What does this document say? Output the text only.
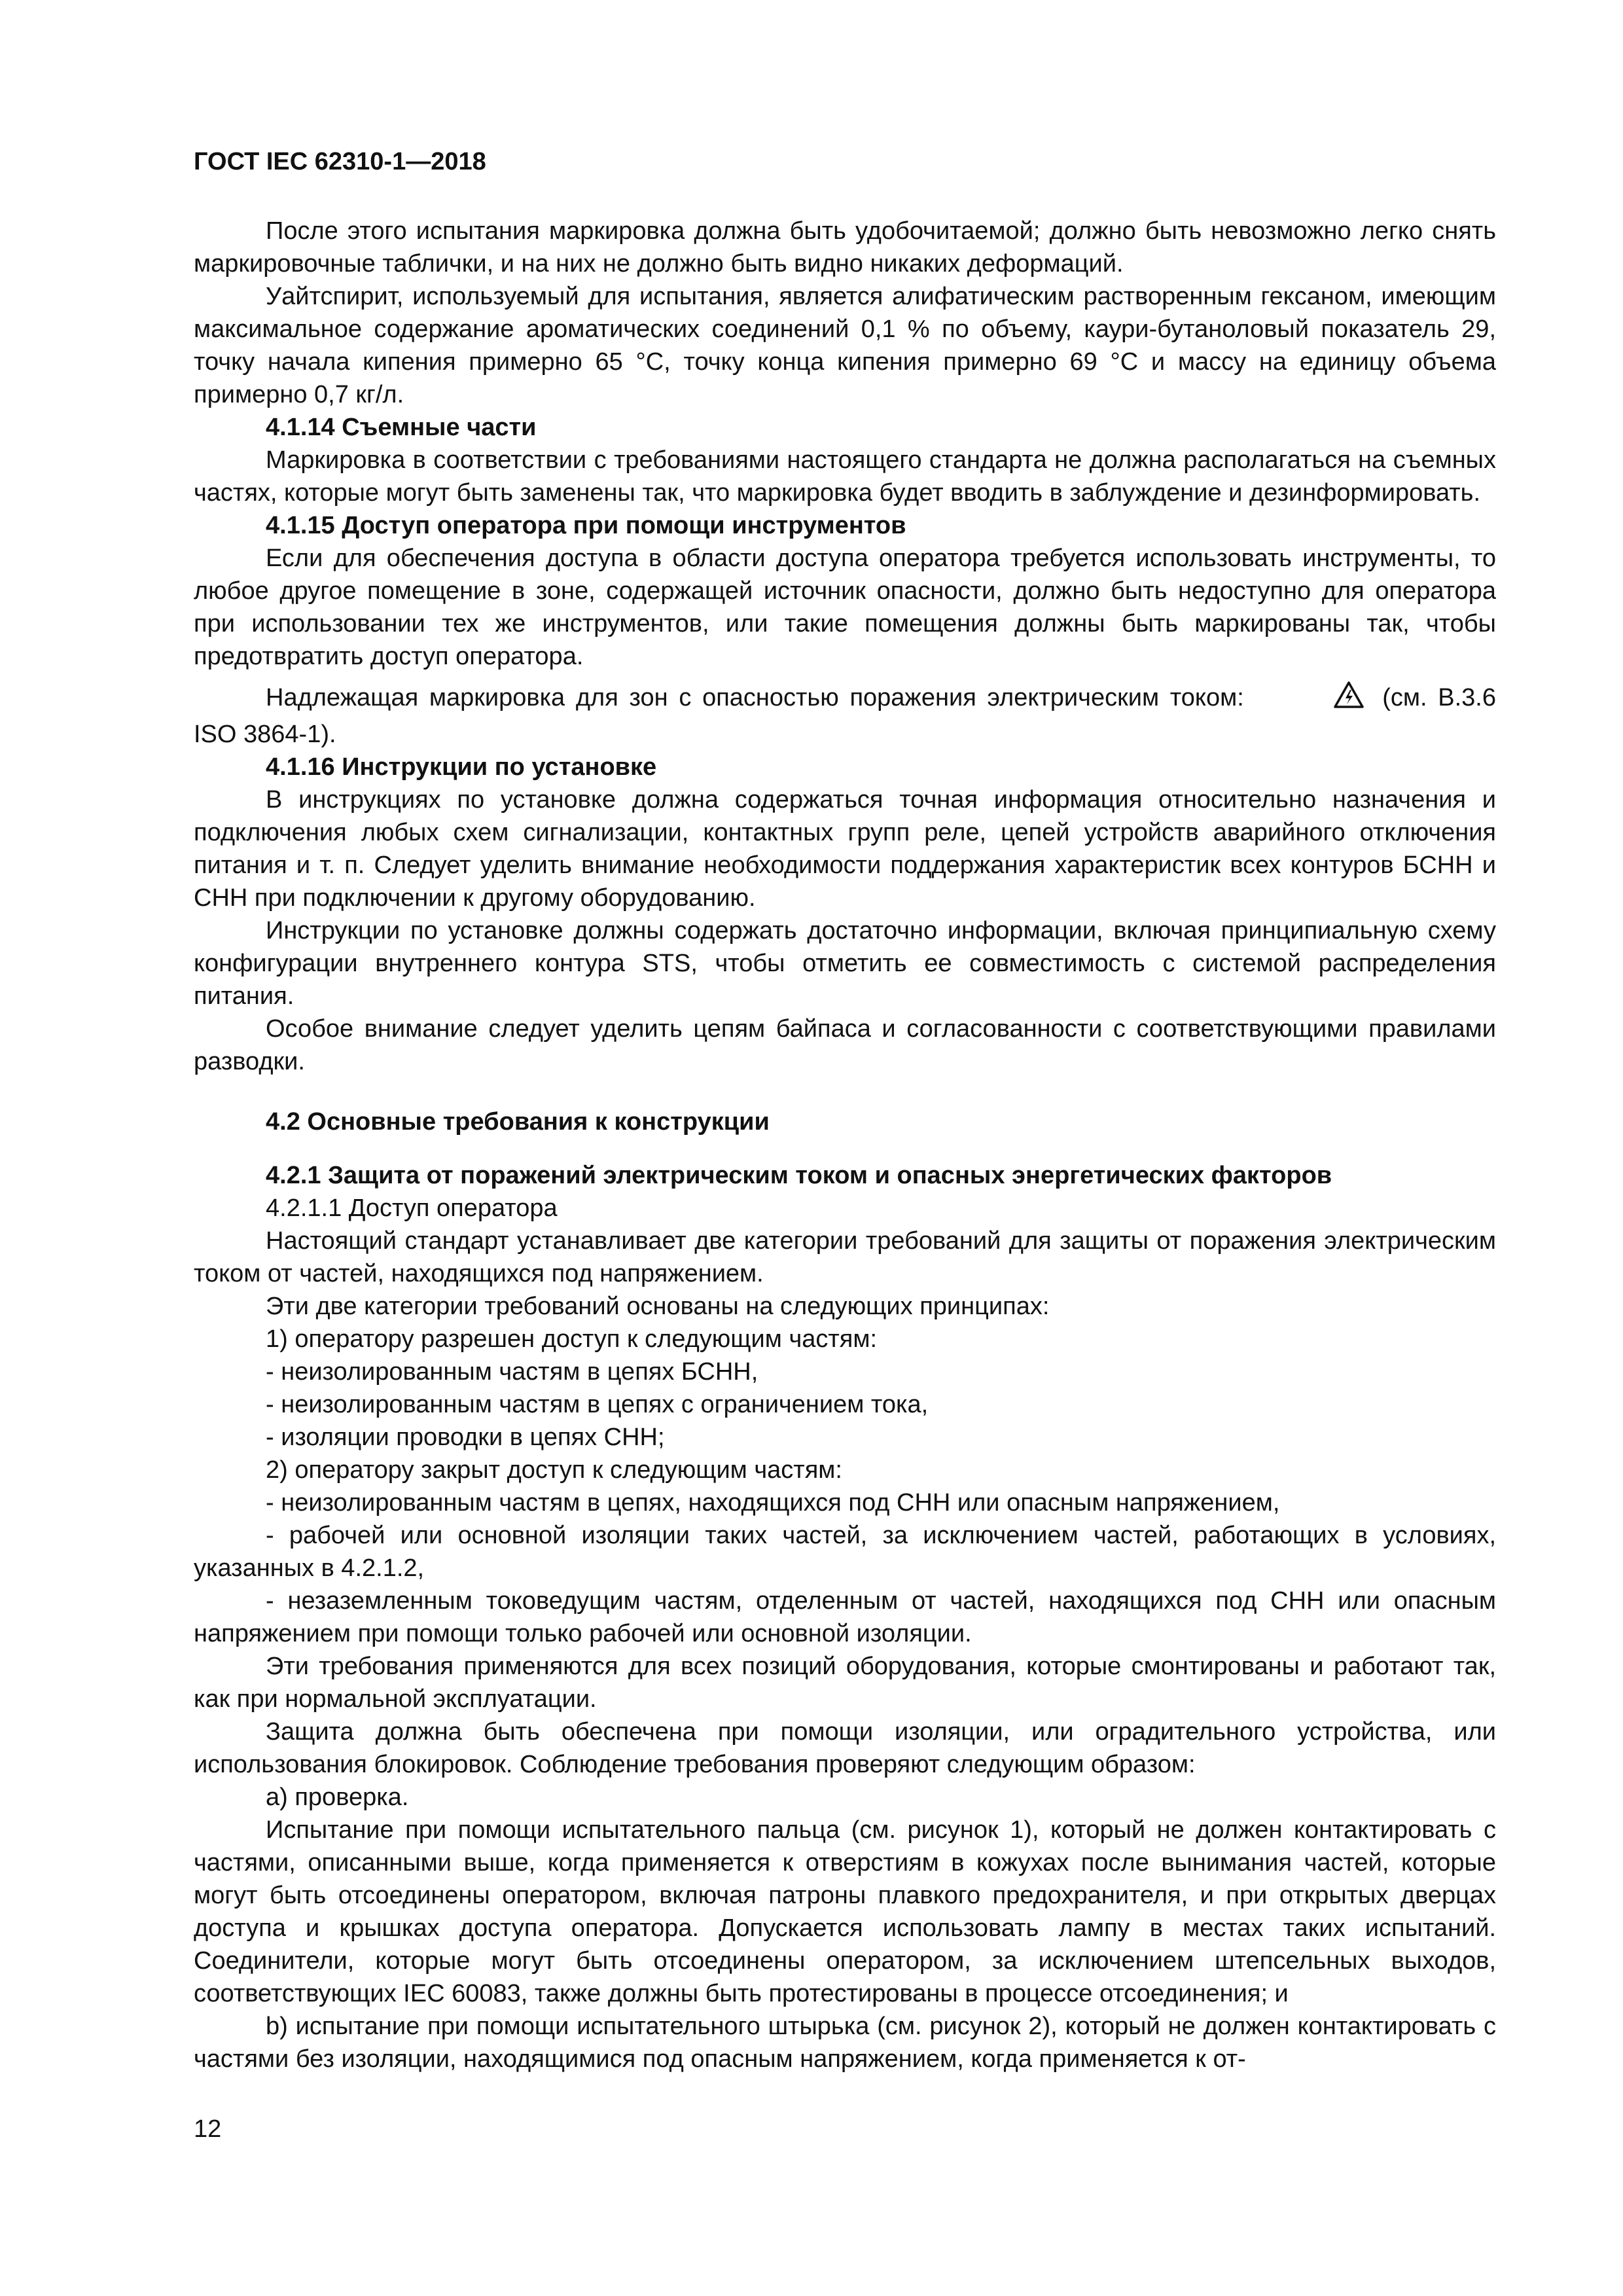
ГОСТ IEC 62310-1—2018

После этого испытания маркировка должна быть удобочитаемой; должно быть невозможно легко снять маркировочные таблички, и на них не должно быть видно никаких деформаций.

Уайтспирит, используемый для испытания, является алифатическим растворенным гексаном, имеющим максимальное содержание ароматических соединений 0,1 % по объему, каури-бутаноловый показатель 29, точку начала кипения примерно 65 °С, точку конца кипения примерно 69 °С и массу на единицу объема примерно 0,7 кг/л.

4.1.14 Съемные части

Маркировка в соответствии с требованиями настоящего стандарта не должна располагаться на съемных частях, которые могут быть заменены так, что маркировка будет вводить в заблуждение и дезинформировать.

4.1.15 Доступ оператора при помощи инструментов

Если для обеспечения доступа в области доступа оператора требуется использовать инструменты, то любое другое помещение в зоне, содержащей источник опасности, должно быть недоступно для оператора при использовании тех же инструментов, или такие помещения должны быть маркированы так, чтобы предотвратить доступ оператора.

Надлежащая маркировка для зон с опасностью поражения электрическим током:	(см. В.3.6 ISO 3864-1).

4.1.16 Инструкции по установке

В инструкциях по установке должна содержаться точная информация относительно назначения и подключения любых схем сигнализации, контактных групп реле, цепей устройств аварийного отключения питания и т. п. Следует уделить внимание необходимости поддержания характеристик всех контуров БСНН и СНН при подключении к другому оборудованию.

Инструкции по установке должны содержать достаточно информации, включая принципиальную схему конфигурации внутреннего контура STS, чтобы отметить ее совместимость с системой распределения питания.

Особое внимание следует уделить цепям байпаса и согласованности с соответствующими правилами разводки.

4.2 Основные требования к конструкции

4.2.1 Защита от поражений электрическим током и опасных энергетических факторов

4.2.1.1 Доступ оператора

Настоящий стандарт устанавливает две категории требований для защиты от поражения электрическим током от частей, находящихся под напряжением.

Эти две категории требований основаны на следующих принципах:

1) оператору разрешен доступ к следующим частям:

- неизолированным частям в цепях БСНН,

- неизолированным частям в цепях с ограничением тока,

- изоляции проводки в цепях СНН;

2) оператору закрыт доступ к следующим частям:

- неизолированным частям в цепях, находящихся под СНН или опасным напряжением,

- рабочей или основной изоляции таких частей, за исключением частей, работающих в условиях, указанных в 4.2.1.2,

- незаземленным токоведущим частям, отделенным от частей, находящихся под СНН или опасным напряжением при помощи только рабочей или основной изоляции.

Эти требования применяются для всех позиций оборудования, которые смонтированы и работают так, как при нормальной эксплуатации.

Защита должна быть обеспечена при помощи изоляции, или оградительного устройства, или использования блокировок. Соблюдение требования проверяют следующим образом:

а) проверка.

Испытание при помощи испытательного пальца (см. рисунок 1), который не должен контактировать с частями, описанными выше, когда применяется к отверстиям в кожухах после вынимания частей, которые могут быть отсоединены оператором, включая патроны плавкого предохранителя, и при открытых дверцах доступа и крышках доступа оператора. Допускается использовать лампу в местах таких испытаний. Соединители, которые могут быть отсоединены оператором, за исключением штепсельных выходов, соответствующих IEC 60083, также должны быть протестированы в процессе отсоединения; и

b) испытание при помощи испытательного штырька (см. рисунок 2), который не должен контактировать с частями без изоляции, находящимися под опасным напряжением, когда применяется к от-

12
